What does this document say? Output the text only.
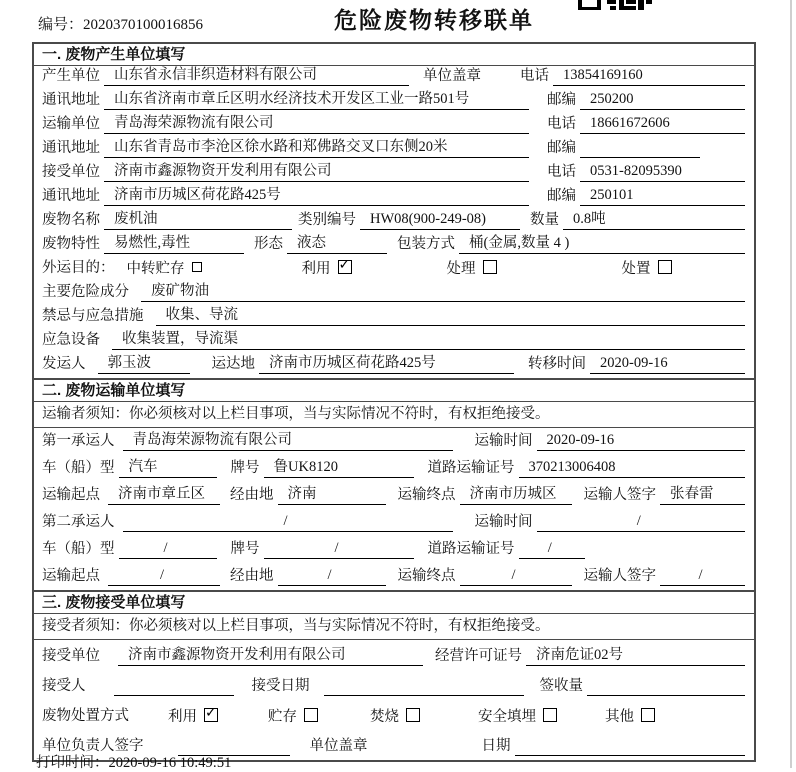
编号：2020370100016856	危险废物转移联单
一. 废物产生单位填写
产生单位 山东省永信非织造材料有限公司	单位盖章	电话 13854169160
通讯地址 山东省济南市章丘区明水经济技术开发区工业一路501号	邮编 250200
运输单位 青岛海荣源物流有限公司	电话 18661672606
通讯地址 山东省青岛市李沧区徐水路和郑佛路交叉口东侧20米	邮编
接受单位 济南市鑫源物资开发利用有限公司	电话 0531-82095390
通讯地址 济南市历城区荷花路425号	邮编 250101
废物名称 废机油	类别编号 HW08(900-249-08)	数量 0.8吨
废物特性 易燃性,毒性	形态 液态	包装方式 桶(金属,数量 4 )
外运目的： 中转贮存	利用 ✓	处理	处置
主要危险成分	废矿物油
禁忌与应急措施	收集、导流
应急设备	收集装置，导流渠
发运人	郭玉波	运达地 济南市历城区荷花路425号	转移时间 2020-09-16
二. 废物运输单位填写
运输者须知：你必须核对以上栏目事项，当与实际情况不符时，有权拒绝接受。
第一承运人	青岛海荣源物流有限公司	运输时间 2020-09-16
车（船）型 汽车	牌号 鲁UK8120	道路运输证号 370213006408
运输起点	济南市章丘区	经由地 济南	运输终点 济南市历城区	运输人签字 张春雷
第二承运人	/	运输时间	/
车（船）型	/	牌号	/	道路运输证号	/
运输起点	/	经由地	/	运输终点	/	运输人签字	/
三. 废物接受单位填写
接受者须知：你必须核对以上栏目事项，当与实际情况不符时，有权拒绝接受。
接受单位	济南市鑫源物资开发利用有限公司	经营许可证号 济南危证02号
接受人	接受日期	签收量
废物处置方式	利用 ✓	贮存	焚烧	安全填埋	其他
单位负责人签字	单位盖章	日期
打印时间：2020-09-16 10:49:51
